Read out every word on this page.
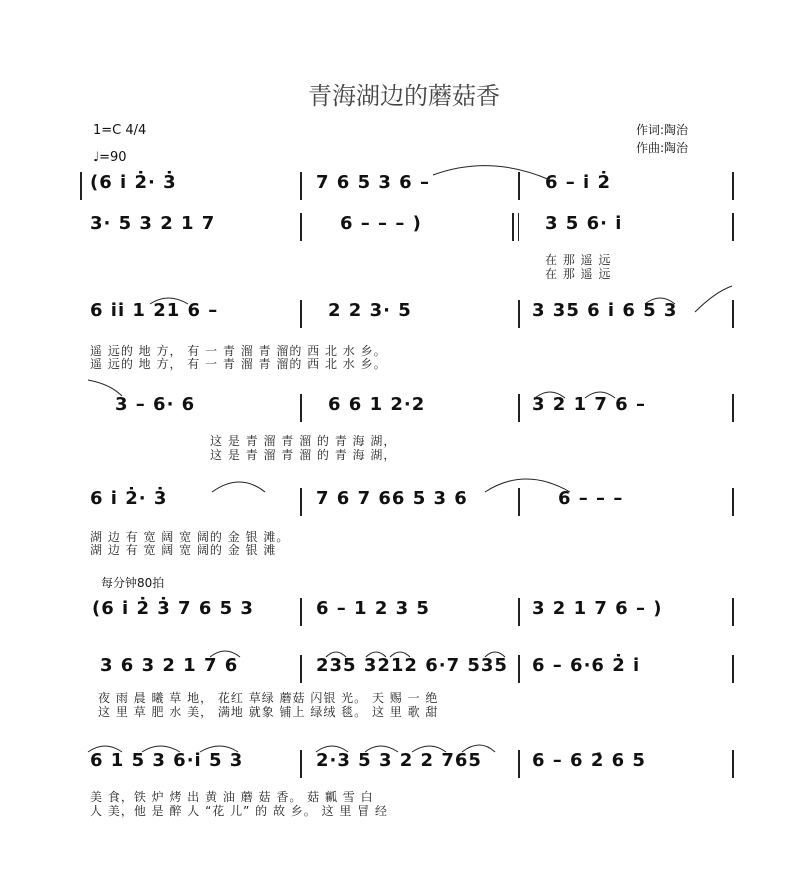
青海湖边的蘑菇香
1=C 4/4
♩=90
作词:陶治
作曲:陶治
每分钟80拍
(6 i̇ 2̇· 3̇	7 6 5 3 6 –	6 – i̇ 2̇
3· 5 3 2 1 7	6 – – – )	3 5 6· i̇
在 那 遥 远
在 那 遥 远
6 i̇i̇ 1 21 6 –	2 2 3· 5	3 35 6 i̇ 6 5 3
遥 远的 地 方， 有 一 青 溜 青 溜的 西 北 水 乡。
遥 远的 地 方， 有 一 青 溜 青 溜的 西 北 水 乡。
3 – 6· 6	6 6 1 2·2	3 2 1 7 6 –
这 是 青 溜 青 溜 的 青 海 湖，
这 是 青 溜 青 溜 的 青 海 湖，
6 i̇ 2̇· 3̇	7 6 7 66 5 3 6	6 – – –
湖 边 有 宽 阔 宽 阔的 金 银 滩。
湖 边 有 宽 阔 宽 阔的 金 银 滩
(6 i̇ 2̇ 3̇ 7 6 5 3	6 – 1 2 3 5	3 2 1 7 6 – )
3 6 3 2 1 7 6	235 3212 6·7 535 6 – 6·6 2̇ i̇
夜 雨 晨 曦 草 地， 花红 草绿 蘑菇 闪银 光。 天 赐 一 绝
这 里 草 肥 水 美， 满地 就象 铺上 绿绒 毯。 这 里 歌 甜
6 1 5 3 6·i̇ 5 3	2·3 5 3 2 2 765	6 – 6 2̇ 6 5
美 食，铁 炉 烤 出 黄 油 蘑 菇 香。 菇 瓤 雪 白
人 美，他 是 醉 人 “花 儿” 的 故 乡。 这 里 冒 经
